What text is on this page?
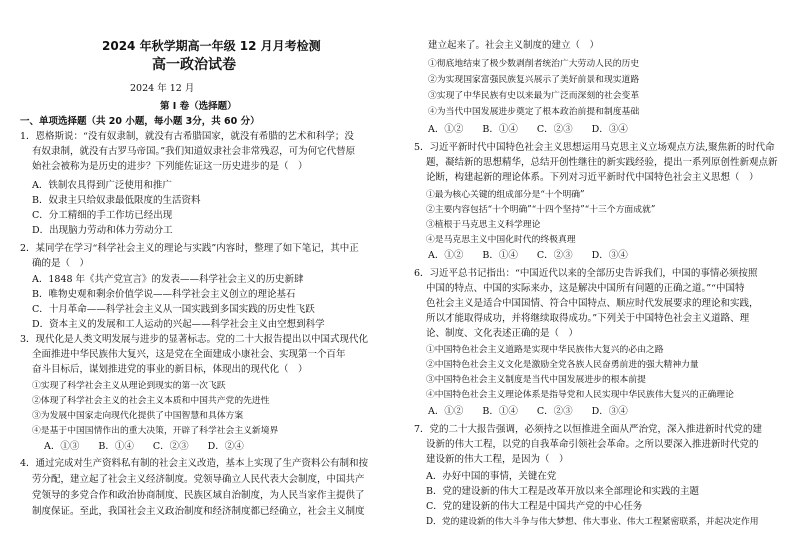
2024 年秋学期高一年级 12 月月考检测
高一政治试卷
2024 年 12 月
第 I 卷（选择题）
一、单项选择题（共 20 小题，每小题 3分，共 60 分）
1．恩格斯说：“没有奴隶制，就没有古希腊国家，就没有希腊的艺术和科学；没
有奴隶制，就没有古罗马帝国。”我们知道奴隶社会非常残忍，可为何它代替原
始社会被称为是历史的进步？下列能佐证这一历史进步的是（　）
A．铁制农具得到广泛使用和推广
B．奴隶主只给奴隶最低限度的生活资料
C．分工精细的手工作坊已经出现
D．出现脑力劳动和体力劳动分工
2．某同学在学习“科学社会主义的理论与实践”内容时，整理了如下笔记，其中正
确的是（　）
A．1848 年《共产党宣言》的发表——科学社会主义的历史新肆
B．唯物史观和剩余价值学说——科学社会主义创立的理论基石
C．十月革命——科学社会主义从一国实践到多国实践的历史性飞跃
D．资本主义的发展和工人运动的兴起——科学社会主义由空想到科学
3．现代化是人类文明发展与进步的显著标志。党的二十大报告提出以中国式现代化
全面推进中华民族伟大复兴，这是党在全面建成小康社会、实现第一个百年
奋斗目标后，谋划推进党的事业的新目标，体现出的现代化（　）
①实现了科学社会主义从理论到现实的第一次飞跃
②体现了科学社会主义的社会主义本质和中国共产党的先进性
③为发展中国家走向现代化提供了中国智慧和具体方案
④是基于中国国情作出的重大决策，开辟了科学社会主义新境界
A．①③　　B．①④　　C．②③　　D．②④
4．通过完成对生产资料私有制的社会主义改造，基本上实现了生产资料公有制和按
劳分配，建立起了社会主义经济制度。党领导确立人民代表大会制度，中国共产
党领导的多党合作和政治协商制度、民族区域自治制度，为人民当家作主提供了
制度保证。至此，我国社会主义政治制度和经济制度都已经确立，社会主义制度
建立起来了。社会主义制度的建立（　）
①彻底地结束了极少数剥削者统治广大劳动人民的历史
②为实现国家富强民族复兴展示了美好前景和现实道路
③实现了中华民族有史以来最为广泛而深刻的社会变革
④为当代中国发展进步奠定了根本政治前提和制度基础
A．①②　　B．①④　　C．②③　　D．③④
5．习近平新时代中国特色社会主义思想运用马克思主义立场观点方法,聚焦新的时代命
题，凝结新的思想精华，总结开创性继往的新实践经验，提出一系列原创性新观点新
论断，构建起新的理论体系。下列对习近平新时代中国特色社会主义思想（　）
①最为核心关键的组成部分是“十个明确”
②主要内容包括“十个明确”“十四个坚持”“十三个方面成就”
③植根于马克思主义科学理论
④是马克思主义中国化时代的终极真理
A．①②　　B．①④　　C．②③　　D．③④
6．习近平总书记指出：“中国近代以来的全部历史告诉我们，中国的事情必须按照
中国的特点、中国的实际来办，这是解决中国所有问题的正确之道。”“中国特
色社会主义是适合中国国情、符合中国特点、顺应时代发展要求的理论和实践，
所以才能取得成功，并将继续取得成功。”下列关于中国特色社会主义道路、理
论、制度、文化表述正确的是（　）
①中国特色社会主义道路是实现中华民族伟大复兴的必由之路
②中国特色社会主义文化是激励全党各族人民奋勇前进的强大精神力量
③中国特色社会主义制度是当代中国发展进步的根本前提
④中国特色社会主义理论体系是指导党和人民实现中华民族伟大复兴的正确理论
A．①②　　B．①④　　C．②③　　D．③④
7．党的二十大报告强调，必须持之以恒推进全面从严治党，深入推进新时代党的建
设新的伟大工程，以党的自我革命引领社会革命。之所以要深入推进新时代党的
建设新的伟大工程，是因为（　）
A．办好中国的事情，关键在党
B．党的建设新的伟大工程是改革开放以来全部理论和实践的主题
C．党的建设新的伟大工程是中国共产党的中心任务
D．党的建设新的伟大斗争与伟大梦想、伟大事业、伟大工程紧密联系，并起决定作用
